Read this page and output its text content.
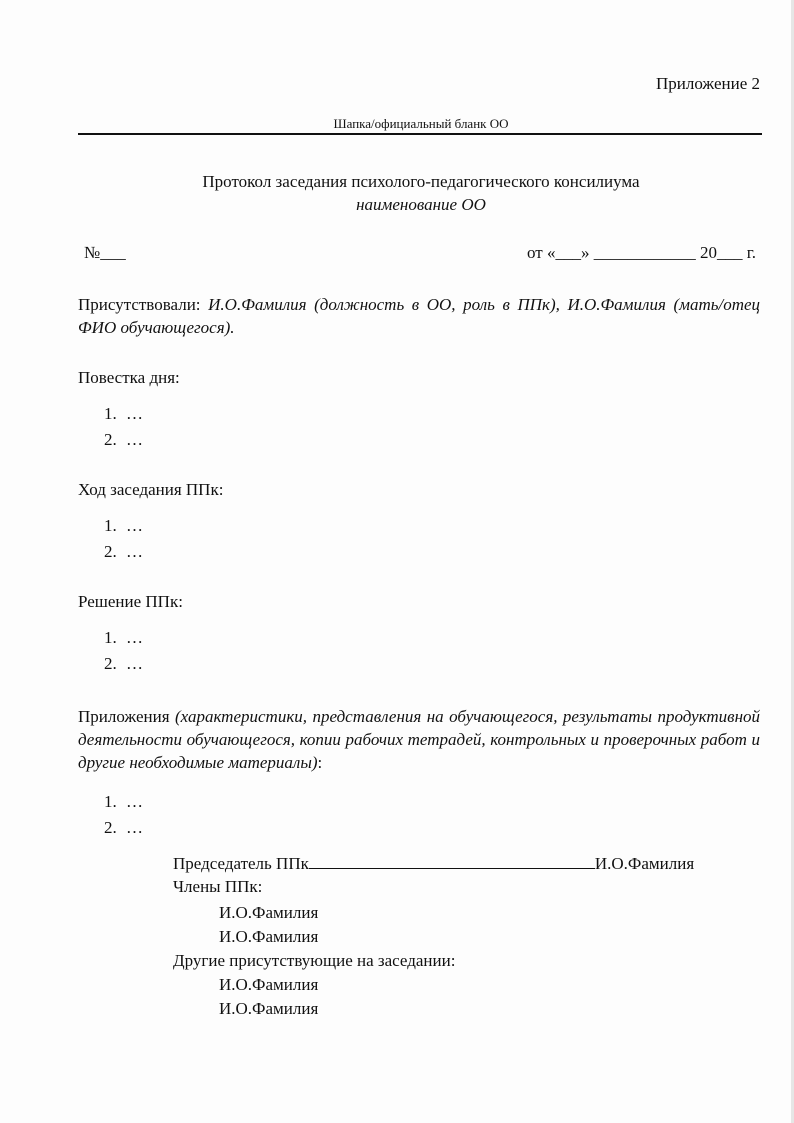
Приложение 2
Шапка/официальный бланк ОО
Протокол заседания психолого-педагогического консилиума
наименование ОО
№___	от «___» ____________ 20___ г.
Присутствовали: И.О.Фамилия (должность в ОО, роль в ППк), И.О.Фамилия (мать/отец ФИО обучающегося).
Повестка дня:
1. …
2. …
Ход заседания ППк:
1. …
2. …
Решение ППк:
1. …
2. …
Приложения (характеристики, представления на обучающегося, результаты продуктивной деятельности обучающегося, копии рабочих тетрадей, контрольных и проверочных работ и другие необходимые материалы):
1. …
2. …
Председатель ППк	И.О.Фамилия
Члены ППк:
И.О.Фамилия
И.О.Фамилия
Другие присутствующие на заседании:
И.О.Фамилия
И.О.Фамилия
